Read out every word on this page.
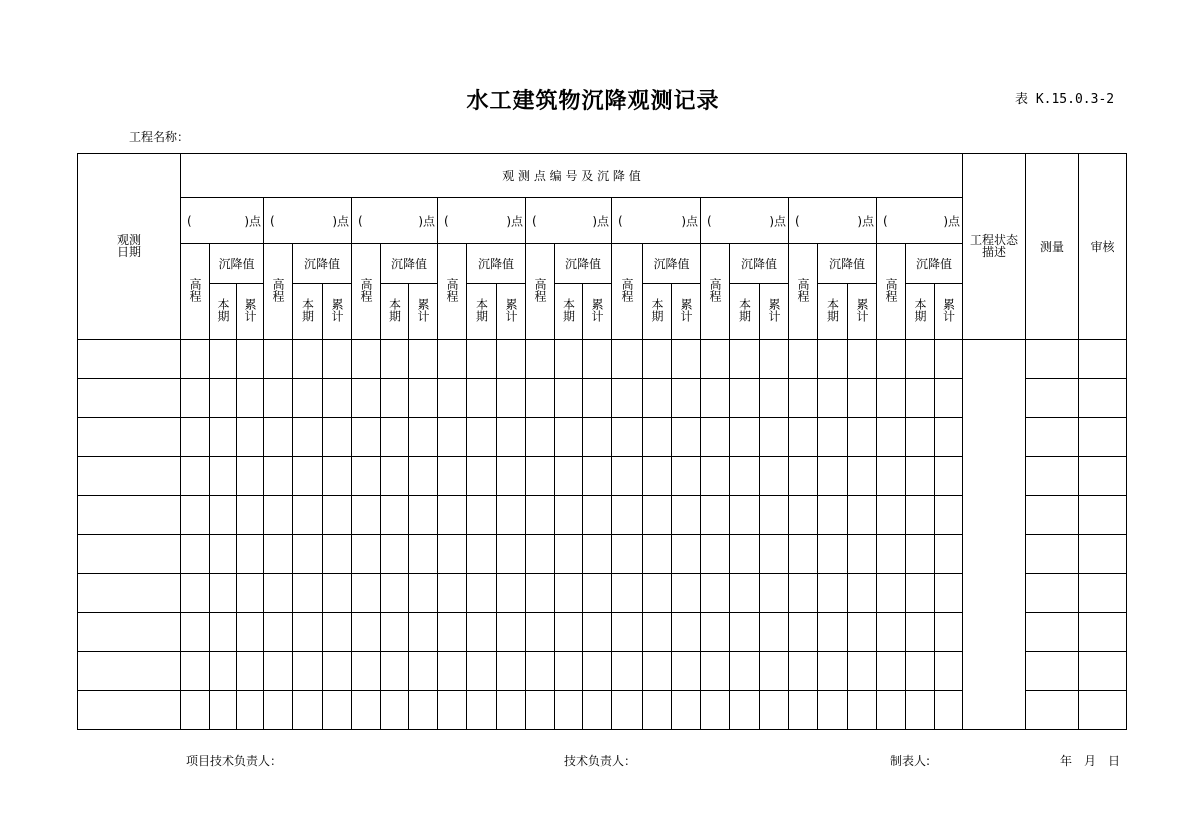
水工建筑物沉降观测记录	表 K.15.0.3-2
工程名称：
观测日期	观 测 点 编 号 及 沉 降 值																											工程状态描述	测量	审核

	( )点			( )点			( )点			( )点			( )点			( )点			( )点			( )点			( )点					

	高程	沉降值		高程	沉降值		高程	沉降值		高程	沉降值		高程	沉降值		高程	沉降值		高程	沉降值		高程	沉降值		高程	沉降值				
		本期	累计		本期	累计		本期	累计		本期	累计		本期	累计		本期	累计		本期	累计		本期	累计		本期	累计			

项目技术负责人：	技术负责人：	制表人:	年　月　日
